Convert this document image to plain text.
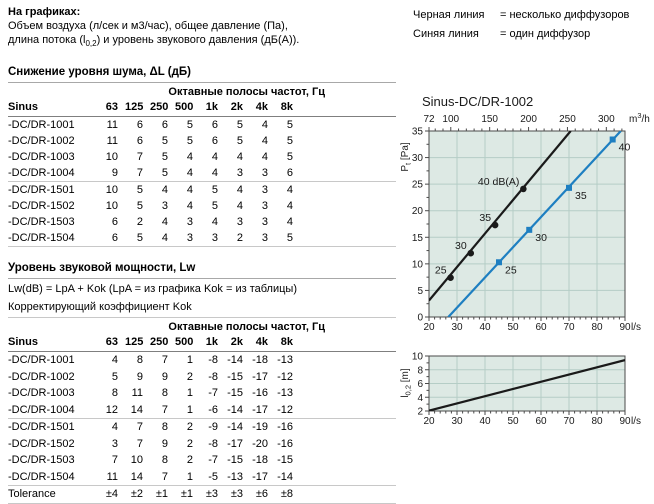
На графиках:
Объем воздуха (л/сек и м3/час), общее давление (Па),
длина потока $(l_{0,2})$ и уровень звукового давления (дБ(А)).
Снижение уровня шума, ΔL (дБ)
Октавные полосы частот, Гц
Sinus	63 125 250 500	1k	2k	4k	8k
-DC/DR-1001	11	6	6	5	6	5	4	5
-DC/DR-1002	11	6	5	5	6	5	4	5
-DC/DR-1003	10	7	5	4	4	4	4	5
-DC/DR-1004	9	7	5	4	4	3	3	6
-DC/DR-1501	10	5	4	4	5	4	3	4
-DC/DR-1502	10	5	3	4	5	4	3	4
-DC/DR-1503	6	2	4	3	4	3	3	4
-DC/DR-1504	6	5	4	3	3	2	3	5
Уровень звуковой мощности, Lw
Lw(dB) = LpA + Kok (LpA = из графика Kok = из таблицы)
Корректирующий коэффициент Kok
Октавные полосы частот, Гц
Sinus	63 125 250 500	1k	2k	4k	8k
-DC/DR-1001	4	8	7	1	-8 -14 -18 -13
-DC/DR-1002	5	9	9	2	-8 -15 -17 -12
-DC/DR-1003	8	11	8	1	-7 -15 -16 -13
-DC/DR-1004	12	14	7	1	-6 -14 -17 -12
-DC/DR-1501	4	7	8	2	-9 -14 -19 -16
-DC/DR-1502	3	7	9	2	-8 -17 -20 -16
-DC/DR-1503	7	10	8	2	-7 -15 -18 -15
-DC/DR-1504	11	14	7	1	-5 -13 -17 -14
Tolerance	±4	±2	±1	±1	±3	±3	±6	±8
Черная линия	= несколько диффузоров
Синяя линия	= один диффузор
Sinus-DC/DR-1002
20 30 40 50 60 70 80 90 l/s
0
5
10
15
20
25
30
35
72 100 150 200 250 300 $m^3/h$
$P_t$ [Pa]
25
30
35
40 dB(A)
25
30
35
40
20 30 40 50 60 70 80 90 l/s
2
4
6
8
10
$l_{0,2}$ [m]
